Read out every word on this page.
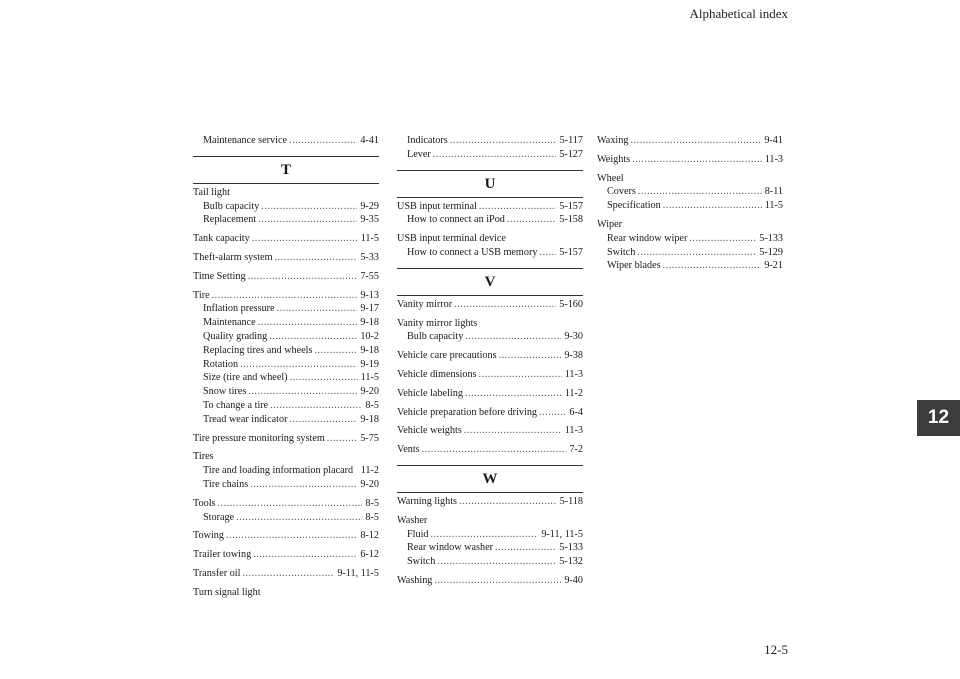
Alphabetical index
12
12-5
Maintenance service .....	4-41
T
Tail light
Bulb capacity .....	9-29
Replacement .....	9-35
Tank capacity .....	11-5
Theft-alarm system .....	5-33
Time Setting .....	7-55
Tire .....	9-13
Inflation pressure .....	9-17
Maintenance .....	9-18
Quality grading .....	10-2
Replacing tires and wheels .....	9-18
Rotation .....	9-19
Size (tire and wheel) .....	11-5
Snow tires .....	9-20
To change a tire .....	8-5
Tread wear indicator .....	9-18
Tire pressure monitoring system .....	5-75
Tires
Tire and loading information placard 11-2
Tire chains .....	9-20
Tools .....	8-5
Storage .....	8-5
Towing .....	8-12
Trailer towing .....	6-12
Transfer oil .....	9-11, 11-5
Turn signal light
Indicators .....	5-117
Lever .....	5-127
U
USB input terminal .....	5-157
How to connect an iPod .....	5-158
USB input terminal device
How to connect a USB memory ..... 5-157
V
Vanity mirror .....	5-160
Vanity mirror lights
Bulb capacity .....	9-30
Vehicle care precautions .....	9-38
Vehicle dimensions .....	11-3
Vehicle labeling .....	11-2
Vehicle preparation before driving .....	6-4
Vehicle weights .....	11-3
Vents .....	7-2
W
Warning lights .....	5-118
Washer
Fluid .....	9-11, 11-5
Rear window washer .....	5-133
Switch .....	5-132
Washing .....	9-40
Waxing .....	9-41
Weights .....	11-3
Wheel
Covers .....	8-11
Specification .....	11-5
Wiper
Rear window wiper .....	5-133
Switch .....	5-129
Wiper blades .....	9-21
